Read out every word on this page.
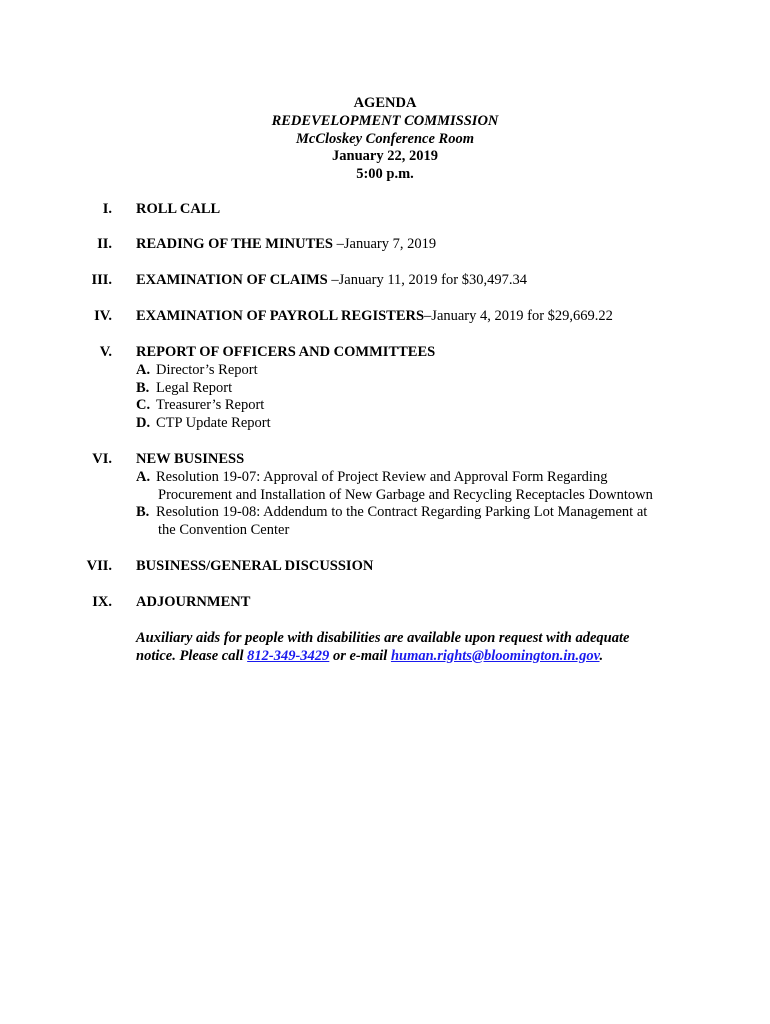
AGENDA
REDEVELOPMENT COMMISSION
McCloskey Conference Room
January 22, 2019
5:00 p.m.
I. ROLL CALL
II. READING OF THE MINUTES –January 7, 2019
III. EXAMINATION OF CLAIMS –January 11, 2019 for $30,497.34
IV. EXAMINATION OF PAYROLL REGISTERS–January 4, 2019 for $29,669.22
V. REPORT OF OFFICERS AND COMMITTEES
A. Director’s Report
B. Legal Report
C. Treasurer’s Report
D. CTP Update Report
VI. NEW BUSINESS
A. Resolution 19-07: Approval of Project Review and Approval Form Regarding
Procurement and Installation of New Garbage and Recycling Receptacles Downtown
B. Resolution 19-08: Addendum to the Contract Regarding Parking Lot Management at
the Convention Center
VII. BUSINESS/GENERAL DISCUSSION
IX. ADJOURNMENT
Auxiliary aids for people with disabilities are available upon request with adequate
notice. Please call 812-349-3429 or e-mail human.rights@bloomington.in.gov.
